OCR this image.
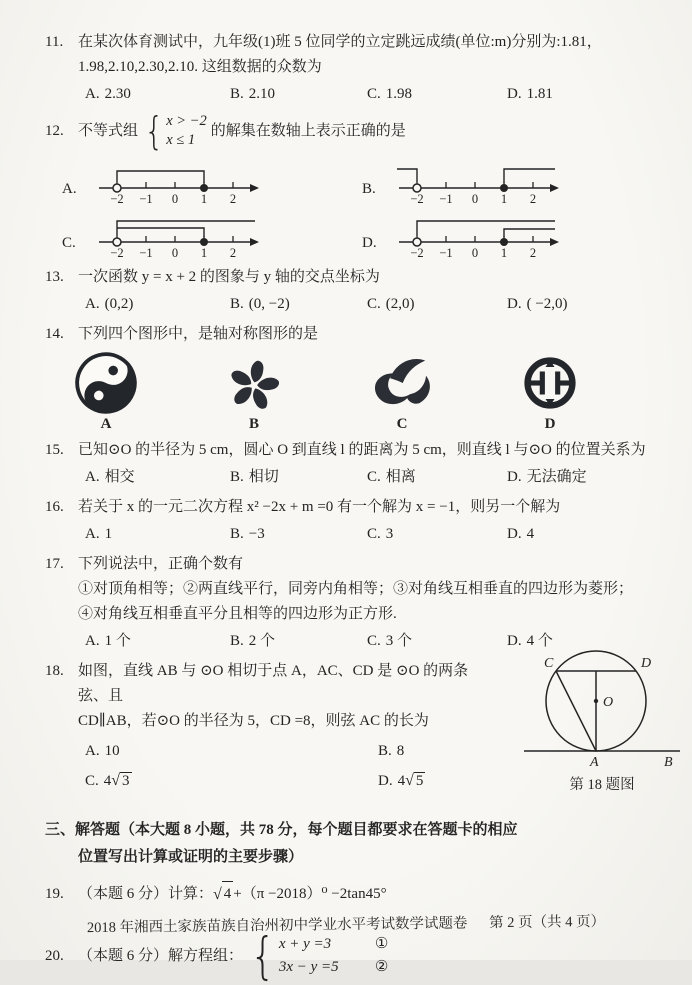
11. 在某次体育测试中，九年级(1)班 5 位同学的立定跳远成绩(单位:m)分别为:1.81，
1.98,2.10,2.30,2.10. 这组数据的众数为
A. 2.30	B. 2.10	C. 1.98	D. 1.81
12. 不等式组 { x > −2
x ≤ 1
的解集在数轴上表示正确的是
A.
−2 −1 0 1 2
B.
−2 −1 0 1 2
C.
−2 −1 0 1 2
D.
−2 −1 0 1 2
13. 一次函数 y = x + 2 的图象与 y 轴的交点坐标为
A. (0,2)	B. (0, −2)	C. (2,0)	D. ( −2,0)
14. 下列四个图形中，是轴对称图形的是
A	B	C	D
15. 已知⊙O 的半径为 5 cm，圆心 O 到直线 l 的距离为 5 cm，则直线 l 与⊙O 的位置关系为
A. 相交	B. 相切	C. 相离	D. 无法确定
16. 若关于 x 的一元二次方程 x² −2x + m =0 有一个解为 x = −1，则另一个解为
A. 1	B. −3	C. 3	D. 4
17. 下列说法中，正确个数有
①对顶角相等；②两直线平行，同旁内角相等；③对角线互相垂直的四边形为菱形；
④对角线互相垂直平分且相等的四边形为正方形.
A. 1 个	B. 2 个	C. 3 个	D. 4 个
18. 如图，直线 AB 与 ⊙O 相切于点 A，AC、CD 是 ⊙O 的两条弦、且
CD∥AB，若⊙O 的半径为 5，CD =8，则弦 AC 的长为
A. 10	B. 8
C. 4√ 3	D. 4√ 5
C	D
O
A	B
第 18 题图
三、解答题 （本大题 8 小题，共 78 分，每个题目都要求在答题卡的相应
位置写出计算或证明的主要步骤）
19. （本题 6 分）计算： √ 4 +（π −2018）⁰ −2tan45°
20. （本题 6 分）解方程组： { x + y =3	①
3x − y =5	②
2018 年湘西土家族苗族自治州初中学业水平考试数学试题卷 第 2 页（共 4 页）
